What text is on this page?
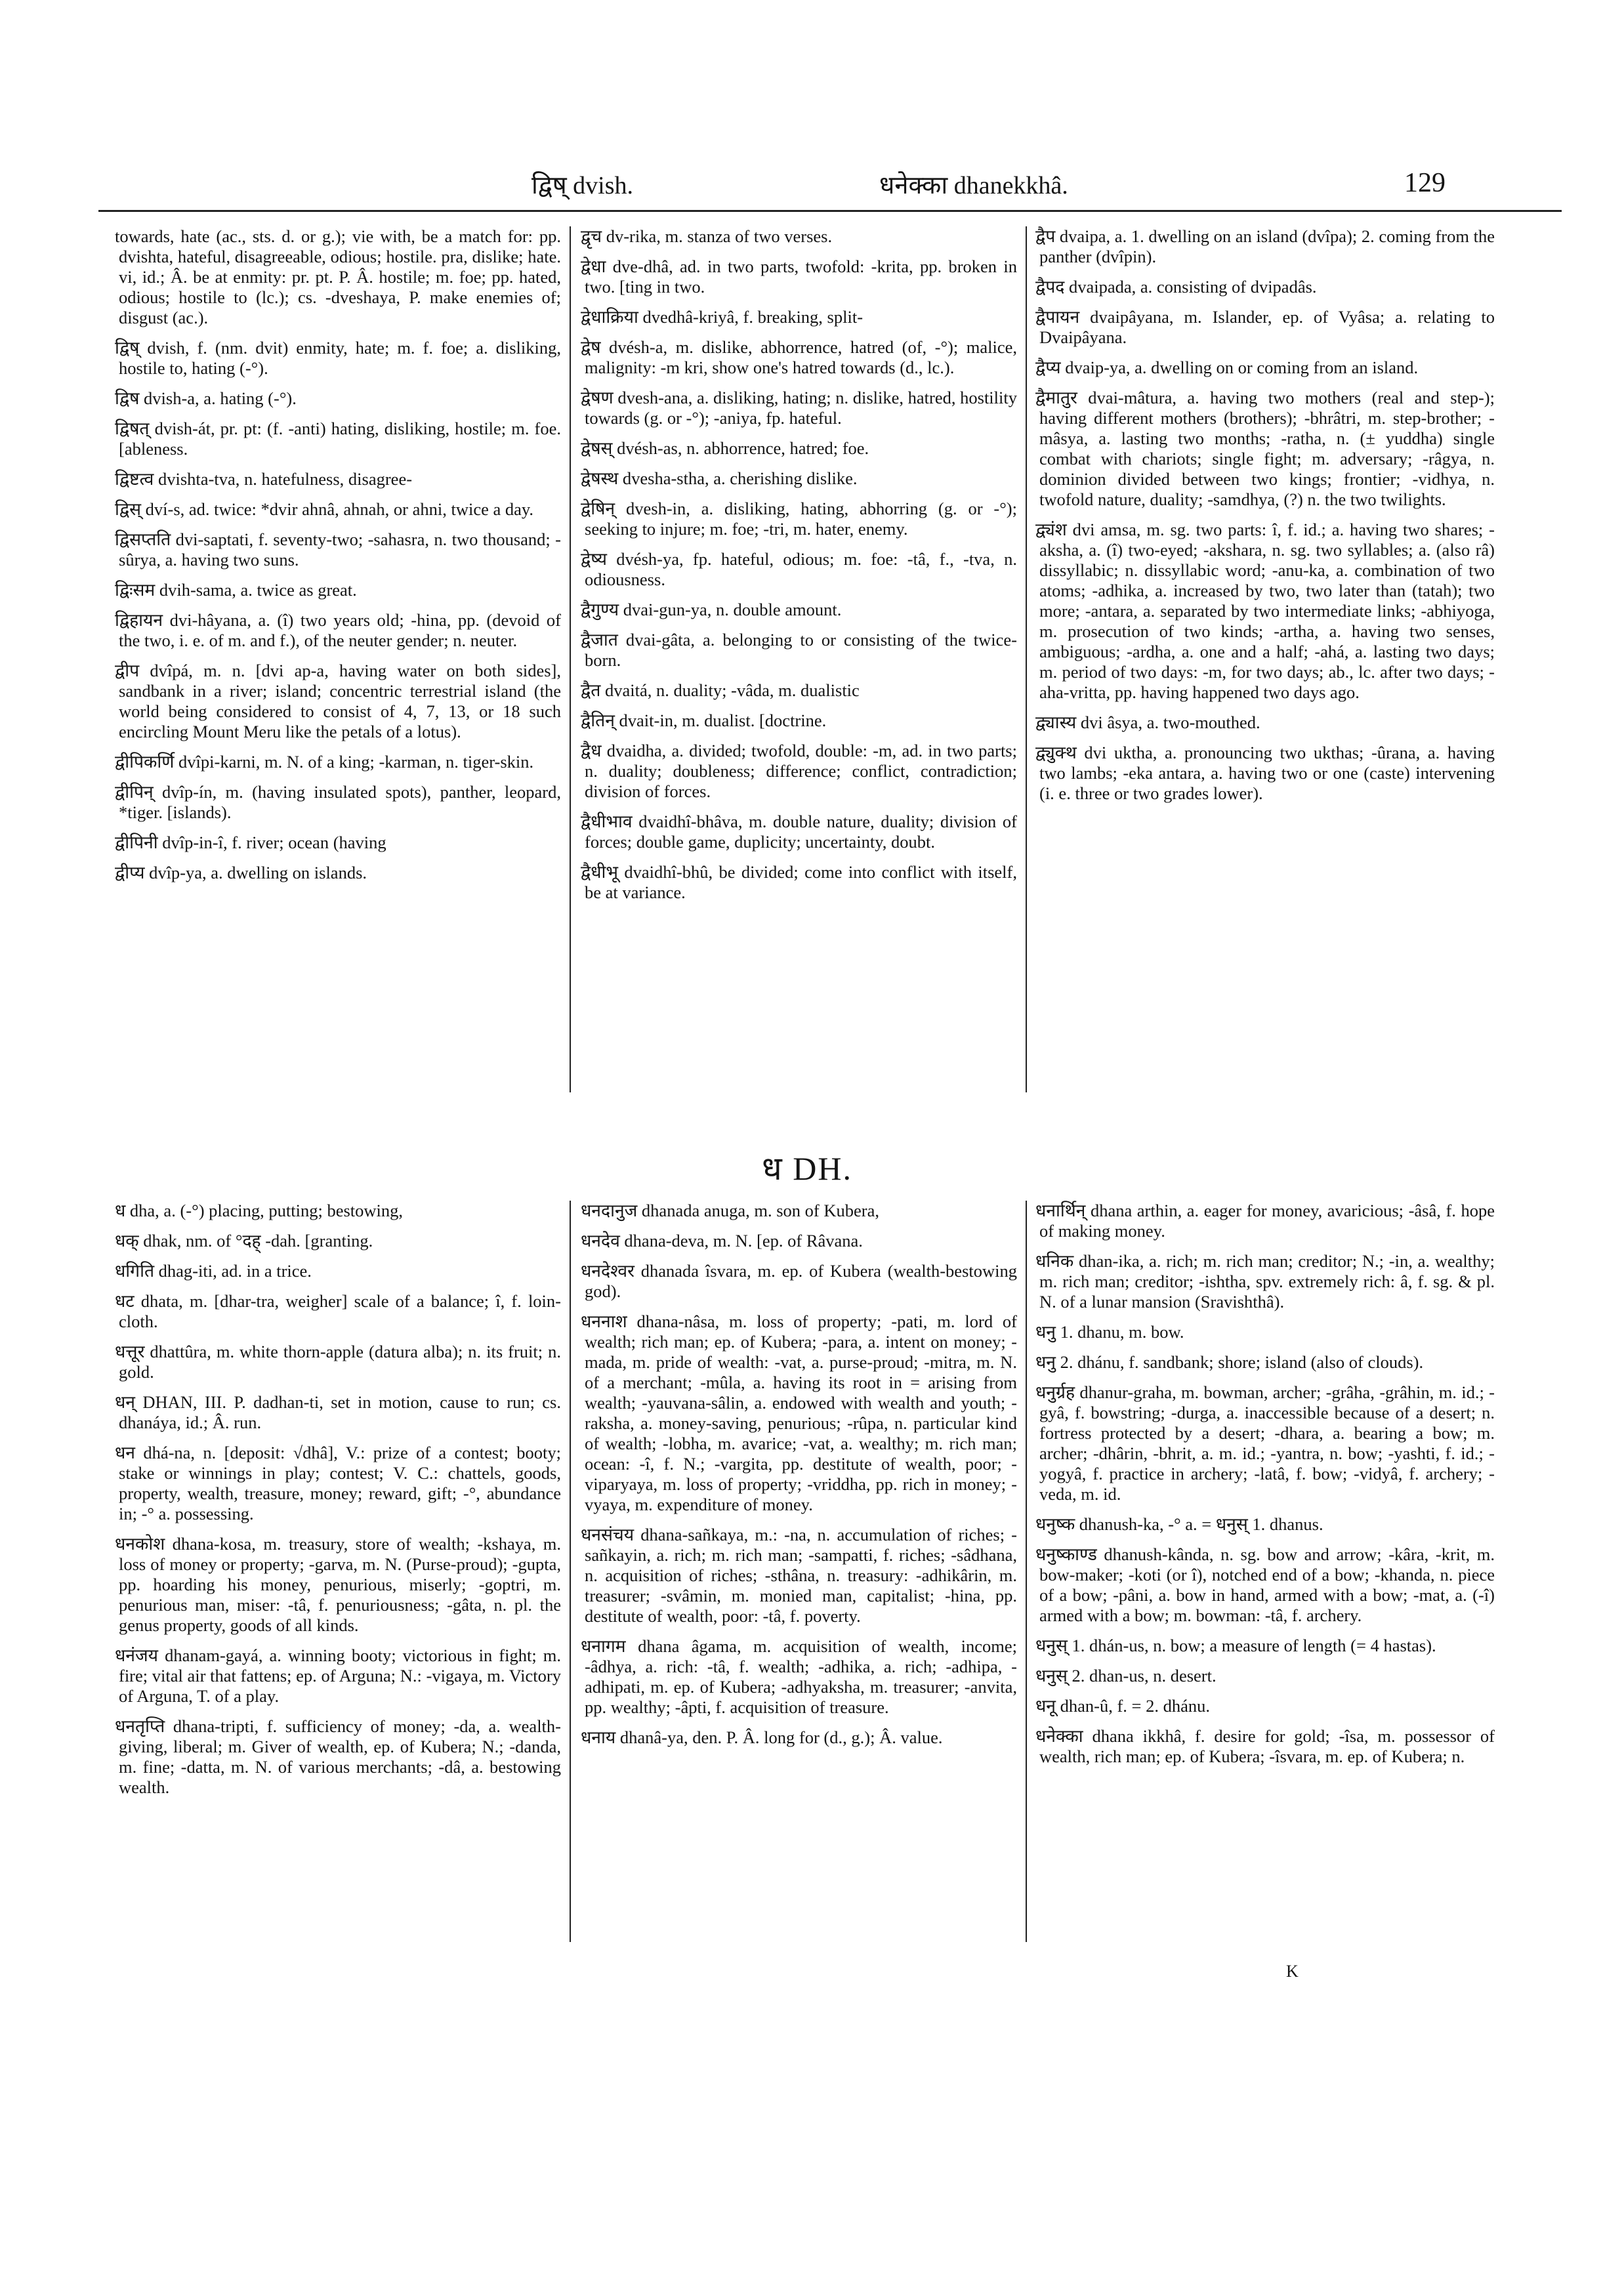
द्विष् dvish.	धनेक्का dhanekkhâ.	129

towards, hate (ac., sts. d. or g.); vie with, be a match for: pp. dvishta, hateful, disagreeable, odious; hostile. pra, dislike; hate. vi, id.; Â. be at enmity: pr. pt. P. Â. hostile; m. foe; pp. hated, odious; hostile to (lc.); cs. -dveshaya, P. make enemies of; disgust (ac.).

द्विष् dvish, f. (nm. dvit) enmity, hate; m. f. foe; a. disliking, hostile to, hating (-°).

द्विष dvish-a, a. hating (-°).

द्विषत् dvish-át, pr. pt: (f. -anti) hating, disliking, hostile; m. foe. [ableness.

द्विष्टत्व dvishta-tva, n. hatefulness, disagree-

द्विस् dví-s, ad. twice: *dvir ahnâ, ahnah, or ahni, twice a day.

द्विसप्तति dvi-saptati, f. seventy-two; -sahasra, n. two thousand; -sûrya, a. having two suns.

द्विःसम dvih-sama, a. twice as great.

द्विहायन dvi-hâyana, a. (î) two years old; -hina, pp. (devoid of the two, i. e. of m. and f.), of the neuter gender; n. neuter.

द्वीप dvîpá, m. n. [dvi ap-a, having water on both sides], sandbank in a river; island; concentric terrestrial island (the world being considered to consist of 4, 7, 13, or 18 such encircling Mount Meru like the petals of a lotus).

द्वीपिकर्णि dvîpi-karni, m. N. of a king; -karman, n. tiger-skin.

द्वीपिन् dvîp-ín, m. (having insulated spots), panther, leopard, *tiger. [islands).

द्वीपिनी dvîp-in-î, f. river; ocean (having

द्वीप्य dvîp-ya, a. dwelling on islands.

द्वृच dv-rika, m. stanza of two verses.

द्वेधा dve-dhâ, ad. in two parts, twofold: -krita, pp. broken in two. [ting in two.

द्वेधाक्रिया dvedhâ-kriyâ, f. breaking, split-

द्वेष dvésh-a, m. dislike, abhorrence, hatred (of, -°); malice, malignity: -m kri, show one's hatred towards (d., lc.).

द्वेषण dvesh-ana, a. disliking, hating; n. dislike, hatred, hostility towards (g. or -°); -aniya, fp. hateful.

द्वेषस् dvésh-as, n. abhorrence, hatred; foe.

द्वेषस्थ dvesha-stha, a. cherishing dislike.

द्वेषिन् dvesh-in, a. disliking, hating, abhorring (g. or -°); seeking to injure; m. foe; -tri, m. hater, enemy.

द्वेष्य dvésh-ya, fp. hateful, odious; m. foe: -tâ, f., -tva, n. odiousness.

द्वैगुण्य dvai-gun-ya, n. double amount.

द्वैजात dvai-gâta, a. belonging to or consisting of the twice-born.

द्वैत dvaitá, n. duality; -vâda, m. dualistic

द्वैतिन् dvait-in, m. dualist. [doctrine.

द्वैध dvaidha, a. divided; twofold, double: -m, ad. in two parts; n. duality; doubleness; difference; conflict, contradiction; division of forces.

द्वैधीभाव dvaidhî-bhâva, m. double nature, duality; division of forces; double game, duplicity; uncertainty, doubt.

द्वैधीभू dvaidhî-bhû, be divided; come into conflict with itself, be at variance.

द्वैप dvaipa, a. 1. dwelling on an island (dvîpa); 2. coming from the panther (dvîpin).

द्वैपद dvaipada, a. consisting of dvipadâs.

द्वैपायन dvaipâyana, m. Islander, ep. of Vyâsa; a. relating to Dvaipâyana.

द्वैप्य dvaip-ya, a. dwelling on or coming from an island.

द्वैमातुर dvai-mâtura, a. having two mothers (real and step-); having different mothers (brothers); -bhrâtri, m. step-brother; -mâsya, a. lasting two months; -ratha, n. (± yuddha) single combat with chariots; single fight; m. adversary; -râgya, n. dominion divided between two kings; frontier; -vidhya, n. twofold nature, duality; -samdhya, (?) n. the two twilights.

द्व्यंश dvi amsa, m. sg. two parts: î, f. id.; a. having two shares; -aksha, a. (î) two-eyed; -akshara, n. sg. two syllables; a. (also râ) dissyllabic; n. dissyllabic word; -anu-ka, a. combination of two atoms; -adhika, a. increased by two, two later than (tatah); two more; -antara, a. separated by two intermediate links; -abhiyoga, m. prosecution of two kinds; -artha, a. having two senses, ambiguous; -ardha, a. one and a half; -ahá, a. lasting two days; m. period of two days: -m, for two days; ab., lc. after two days; -aha-vritta, pp. having happened two days ago.

द्व्यास्य dvi âsya, a. two-mouthed.

द्व्युक्थ dvi uktha, a. pronouncing two ukthas; -ûrana, a. having two lambs; -eka antara, a. having two or one (caste) intervening (i. e. three or two grades lower).

ध DH.

ध dha, a. (-°) placing, putting; bestowing,

धक् dhak, nm. of °दह् -dah. [granting.

धगिति dhag-iti, ad. in a trice.

धट dhata, m. [dhar-tra, weigher] scale of a balance; î, f. loin-cloth.

धत्तूर dhattûra, m. white thorn-apple (datura alba); n. its fruit; n. gold.

धन् DHAN, III. P. dadhan-ti, set in motion, cause to run; cs. dhanáya, id.; Â. run.

धन dhá-na, n. [deposit: √dhâ], V.: prize of a contest; booty; stake or winnings in play; contest; V. C.: chattels, goods, property, wealth, treasure, money; reward, gift; -°, abundance in; -° a. possessing.

धनकोश dhana-kosa, m. treasury, store of wealth; -kshaya, m. loss of money or property; -garva, m. N. (Purse-proud); -gupta, pp. hoarding his money, penurious, miserly; -goptri, m. penurious man, miser: -tâ, f. penuriousness; -gâta, n. pl. the genus property, goods of all kinds.

धनंजय dhanam-gayá, a. winning booty; victorious in fight; m. fire; vital air that fattens; ep. of Arguna; N.: -vigaya, m. Victory of Arguna, T. of a play.

धनतृप्ति dhana-tripti, f. sufficiency of money; -da, a. wealth-giving, liberal; m. Giver of wealth, ep. of Kubera; N.; -danda, m. fine; -datta, m. N. of various merchants; -dâ, a. bestowing wealth.

धनदानुज dhanada anuga, m. son of Kubera,

धनदेव dhana-deva, m. N. [ep. of Râvana.

धनदेश्वर dhanada îsvara, m. ep. of Kubera (wealth-bestowing god).

धननाश dhana-nâsa, m. loss of property; -pati, m. lord of wealth; rich man; ep. of Kubera; -para, a. intent on money; -mada, m. pride of wealth: -vat, a. purse-proud; -mitra, m. N. of a merchant; -mûla, a. having its root in = arising from wealth; -yauvana-sâlin, a. endowed with wealth and youth; -raksha, a. money-saving, penurious; -rûpa, n. particular kind of wealth; -lobha, m. avarice; -vat, a. wealthy; m. rich man; ocean: -î, f. N.; -vargita, pp. destitute of wealth, poor; -viparyaya, m. loss of property; -vriddha, pp. rich in money; -vyaya, m. expenditure of money.

धनसंचय dhana-sañkaya, m.: -na, n. accumulation of riches; -sañkayin, a. rich; m. rich man; -sampatti, f. riches; -sâdhana, n. acquisition of riches; -sthâna, n. treasury: -adhikârin, m. treasurer; -svâmin, m. monied man, capitalist; -hina, pp. destitute of wealth, poor: -tâ, f. poverty.

धनागम dhana âgama, m. acquisition of wealth, income; -âdhya, a. rich: -tâ, f. wealth; -adhika, a. rich; -adhipa, -adhipati, m. ep. of Kubera; -adhyaksha, m. treasurer; -anvita, pp. wealthy; -âpti, f. acquisition of treasure.

धनाय dhanâ-ya, den. P. Â. long for (d., g.); Â. value.

धनार्थिन् dhana arthin, a. eager for money, avaricious; -âsâ, f. hope of making money.

धनिक dhan-ika, a. rich; m. rich man; creditor; N.; -in, a. wealthy; m. rich man; creditor; -ishtha, spv. extremely rich: â, f. sg. & pl. N. of a lunar mansion (Sravishthâ).

धनु 1. dhanu, m. bow.

धनु 2. dhánu, f. sandbank; shore; island (also of clouds).

धनुर्ग्रह dhanur-graha, m. bowman, archer; -grâha, -grâhin, m. id.; -gyâ, f. bowstring; -durga, a. inaccessible because of a desert; n. fortress protected by a desert; -dhara, a. bearing a bow; m. archer; -dhârin, -bhrit, a. m. id.; -yantra, n. bow; -yashti, f. id.; -yogyâ, f. practice in archery; -latâ, f. bow; -vidyâ, f. archery; -veda, m. id.

धनुष्क dhanush-ka, -° a. = धनुस् 1. dhanus.

धनुष्काण्ड dhanush-kânda, n. sg. bow and arrow; -kâra, -krit, m. bow-maker; -koti (or î), notched end of a bow; -khanda, n. piece of a bow; -pâni, a. bow in hand, armed with a bow; -mat, a. (-î) armed with a bow; m. bowman: -tâ, f. archery.

धनुस् 1. dhán-us, n. bow; a measure of length (= 4 hastas).

धनुस् 2. dhan-us, n. desert.

धनू dhan-û, f. = 2. dhánu.

धनेक्का dhana ikkhâ, f. desire for gold; -îsa, m. possessor of wealth, rich man; ep. of Kubera; -îsvara, m. ep. of Kubera; n.

K
